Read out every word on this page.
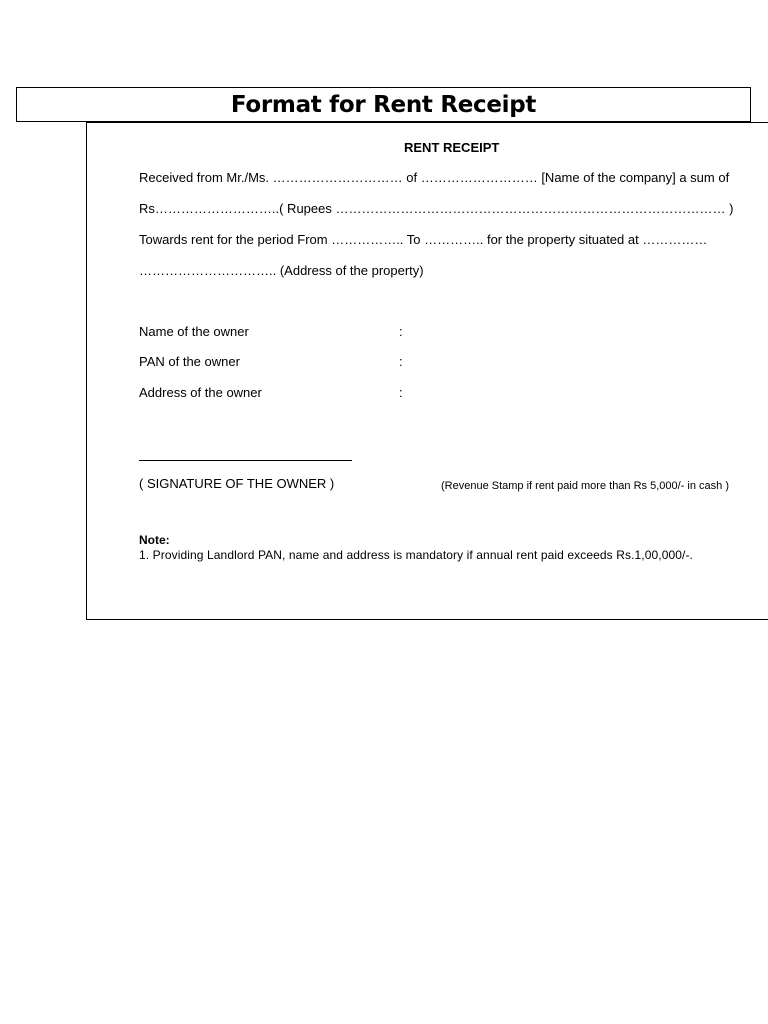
Format for Rent Receipt
RENT RECEIPT
Received from Mr./Ms. ………………………… of ……………………… [Name of the company] a sum of
Rs………………………..( Rupees ……………………………………………………………………………… )
Towards rent for the period From …………….. To ………….. for the property situated at ……………
………………………….. (Address of the property)
Name of the owner	:
PAN of the owner	:
Address of the owner	:
( SIGNATURE OF THE OWNER )	(Revenue Stamp if rent paid more than Rs 5,000/- in cash )
Note:
1. Providing Landlord PAN, name and address is mandatory if annual rent paid exceeds Rs.1,00,000/-.
